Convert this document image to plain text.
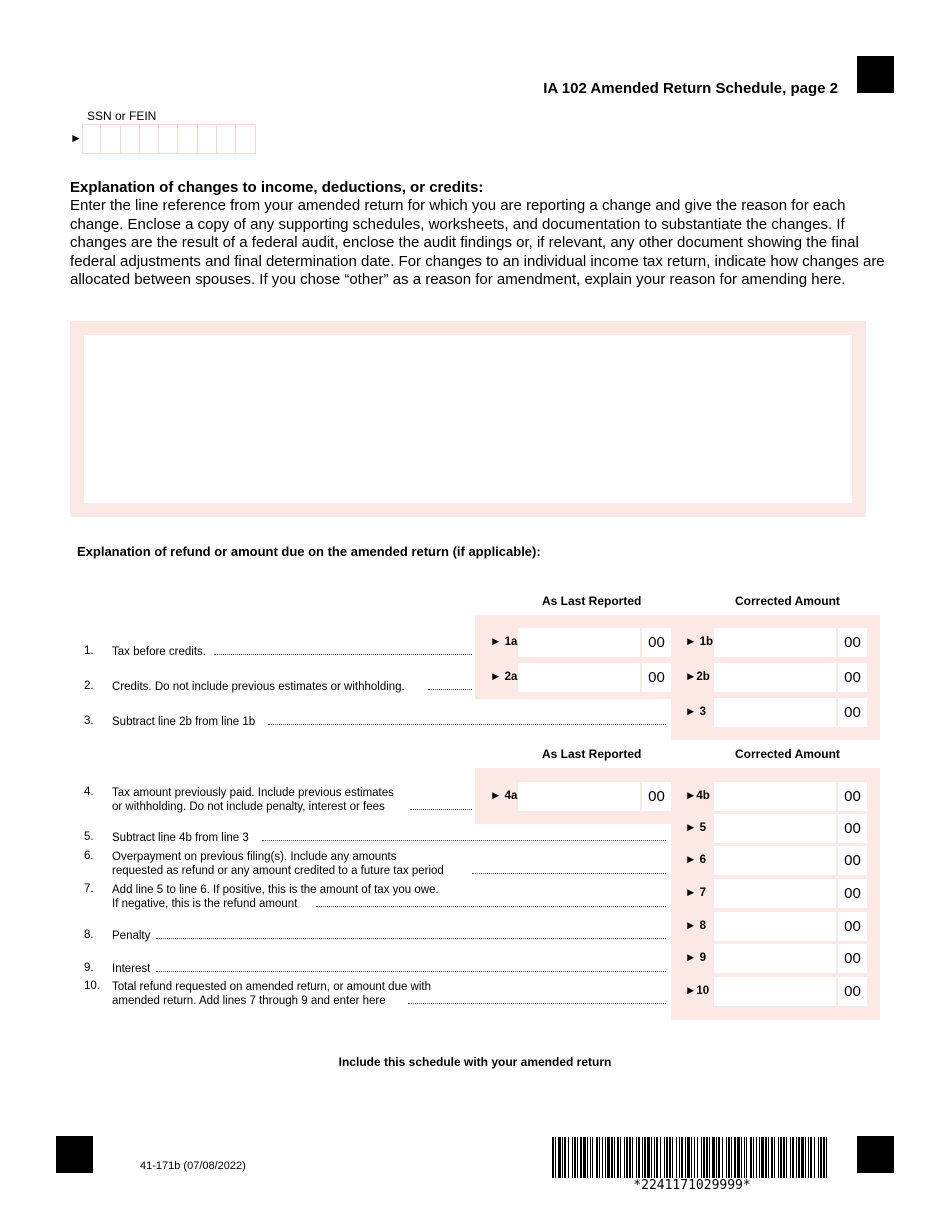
IA 102 Amended Return Schedule, page 2
SSN or FEIN
►
Explanation of changes to income, deductions, or credits:
Enter the line reference from your amended return for which you are reporting a change and give the reason for each change. Enclose a copy of any supporting schedules, worksheets, and documentation to substantiate the changes. If changes are the result of a federal audit, enclose the audit findings or, if relevant, any other document showing the final federal adjustments and final determination date. For changes to an individual income tax return, indicate how changes are allocated between spouses. If you chose “other” as a reason for amendment, explain your reason for amending here.
Explanation of refund or amount due on the amended return (if applicable):
As Last Reported	Corrected Amount
1. Tax before credits.
► 1a	00	► 1b	00
2. Credits. Do not include previous estimates or withholding.
► 2a	00	►2b	00
3. Subtract line 2b from line 1b
► 3	00
As Last Reported	Corrected Amount
4. Tax amount previously paid. Include previous estimates
or withholding. Do not include penalty, interest or fees
► 4a	00	►4b	00
5. Subtract line 4b from line 3
► 5	00
6. Overpayment on previous filing(s). Include any amounts
requested as refund or any amount credited to a future tax period
► 6	00
7. Add line 5 to line 6. If positive, this is the amount of tax you owe.
If negative, this is the refund amount
► 7	00
8. Penalty
► 8	00
9. Interest
► 9	00
10. Total refund requested on amended return, or amount due with
amended return. Add lines 7 through 9 and enter here
►10	00
Include this schedule with your amended return
41-171b (07/08/2022)
*2241171029999*
